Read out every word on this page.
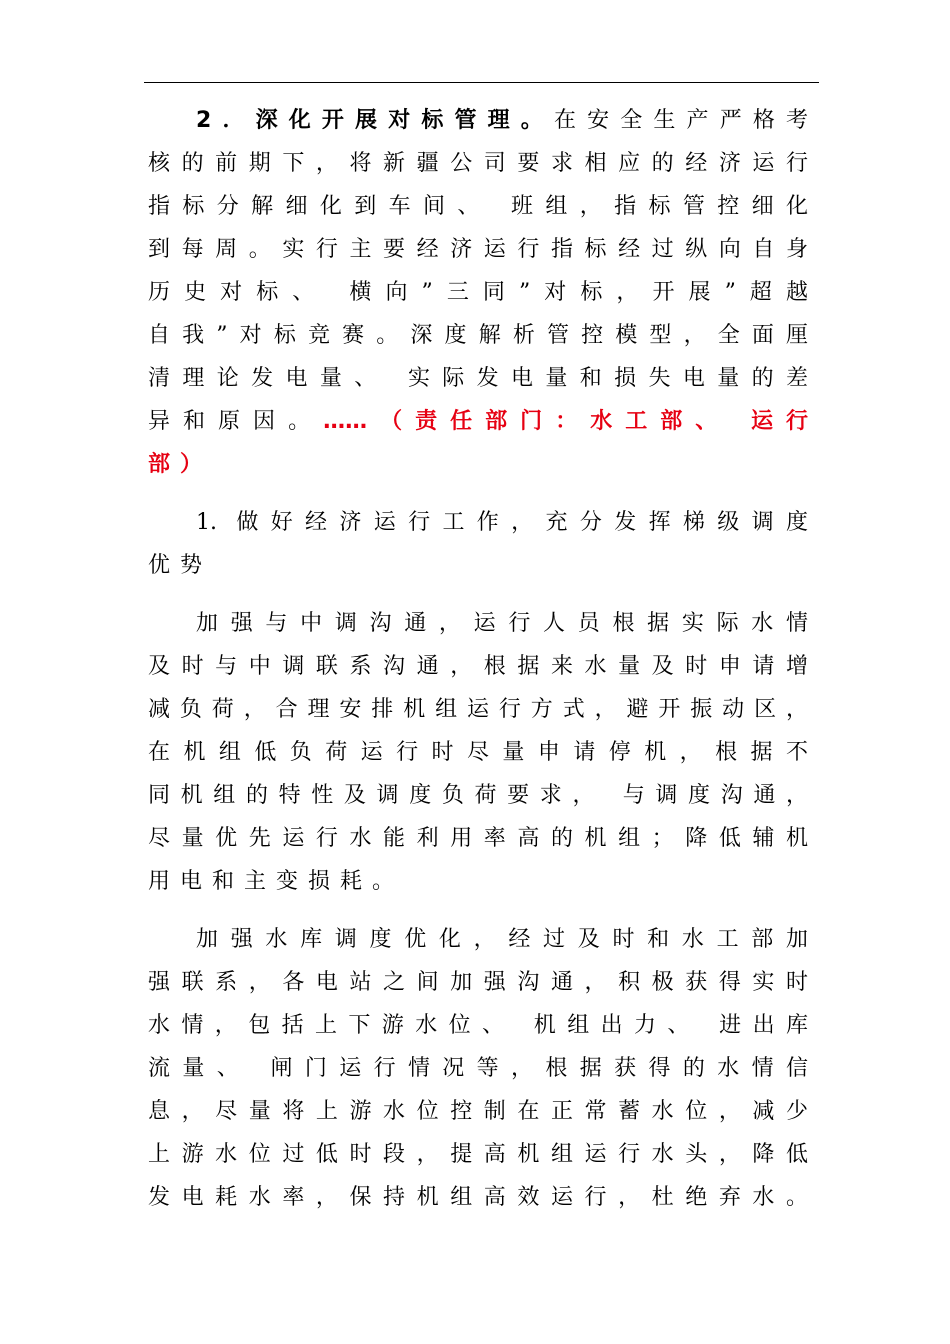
2．深化开展对标管理。在安全生产严格考
核的前期下，将新疆公司要求相应的经济运行
指标分解细化到车间、 班组，指标管控细化
到每周。实行主要经济运行指标经过纵向自身
历史对标、 横向”三同”对标，开展”超越
自我”对标竞赛。深度解析管控模型，全面厘
清理论发电量、 实际发电量和损失电量的差
异和原因。……（责任部门：水工部、 运行
部）
1. 做好经济运行工作，充分发挥梯级调度
优势
加强与中调沟通，运行人员根据实际水情
及时与中调联系沟通，根据来水量及时申请增
减负荷，合理安排机组运行方式，避开振动区，
在机组低负荷运行时尽量申请停机，根据不
同机组的特性及调度负荷要求， 与调度沟通，
尽量优先运行水能利用率高的机组；降低辅机
用电和主变损耗。
加强水库调度优化，经过及时和水工部加
强联系，各电站之间加强沟通，积极获得实时
水情，包括上下游水位、 机组出力、 进出库
流量、 闸门运行情况等，根据获得的水情信
息，尽量将上游水位控制在正常蓄水位，减少
上游水位过低时段，提高机组运行水头，降低
发电耗水率，保持机组高效运行，杜绝弃水。
